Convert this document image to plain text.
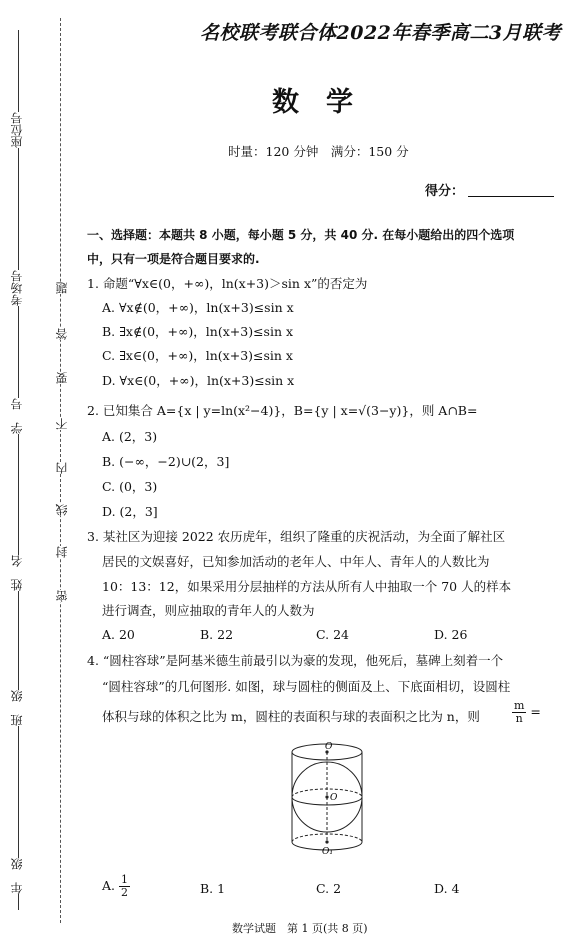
座位号
考场号
学　号
姓　名
班　级
年　级
题
答
要
不
内
线
封
密
名校联考联合体2022年春季高二3月联考
数　学
时量：120 分钟　满分：150 分
得分：
一、选择题：本题共 8 小题，每小题 5 分，共 40 分. 在每小题给出的四个选项
中，只有一项是符合题目要求的.
1. 命题“∀x∈(0，+∞)，ln(x+3)＞sin x”的否定为
A. ∀x∉(0，+∞)，ln(x+3)≤sin x
B. ∃x∉(0，+∞)，ln(x+3)≤sin x
C. ∃x∈(0，+∞)，ln(x+3)≤sin x
D. ∀x∈(0，+∞)，ln(x+3)≤sin x
2. 已知集合 A={x | y=ln(x²−4)}，B={y | x=√(3−y)}，则 A∩B=
A. (2，3)
B. (−∞，−2)∪(2，3]
C. (0，3)
D. (2，3]
3. 某社区为迎接 2022 农历虎年，组织了隆重的庆祝活动，为全面了解社区
居民的文娱喜好，已知参加活动的老年人、中年人、青年人的人数比为
10：13：12，如果采用分层抽样的方法从所有人中抽取一个 70 人的样本
进行调查，则应抽取的青年人的人数为
A. 20	B. 22	C. 24	D. 26
4. “圆柱容球”是阿基米德生前最引以为豪的发现，他死后，墓碑上刻着一个
“圆柱容球”的几何图形. 如图，球与圆柱的侧面及上、下底面相切，设圆柱
体积与球的体积之比为 m，圆柱的表面积与球的表面积之比为 n，则	$\frac{m}{n}$ =
O
O
O₁
A. $\frac{1}{2}$	B. 1	C. 2	D. 4
数学试题　第 1 页(共 8 页)
